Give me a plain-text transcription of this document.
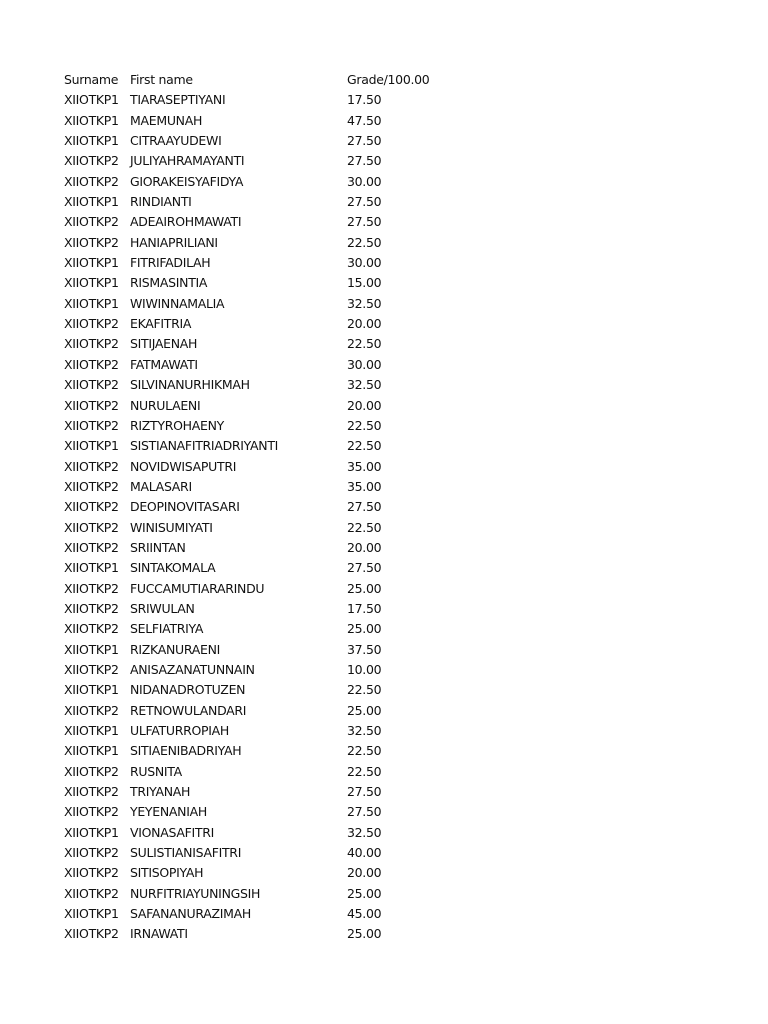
Surname First name	Grade/100.00
XIIOTKP1 TIARASEPTIYANI	17.50
XIIOTKP1 MAEMUNAH	47.50
XIIOTKP1 CITRAAYUDEWI	27.50
XIIOTKP2 JULIYAHRAMAYANTI	27.50
XIIOTKP2 GIORAKEISYAFIDYA	30.00
XIIOTKP1 RINDIANTI	27.50
XIIOTKP2 ADEAIROHMAWATI	27.50
XIIOTKP2 HANIAPRILIANI	22.50
XIIOTKP1 FITRIFADILAH	30.00
XIIOTKP1 RISMASINTIA	15.00
XIIOTKP1 WIWINNAMALIA	32.50
XIIOTKP2 EKAFITRIA	20.00
XIIOTKP2 SITIJAENAH	22.50
XIIOTKP2 FATMAWATI	30.00
XIIOTKP2 SILVINANURHIKMAH	32.50
XIIOTKP2 NURULAENI	20.00
XIIOTKP2 RIZTYROHAENY	22.50
XIIOTKP1 SISTIANAFITRIADRIYANTI	22.50
XIIOTKP2 NOVIDWISAPUTRI	35.00
XIIOTKP2 MALASARI	35.00
XIIOTKP2 DEOPINOVITASARI	27.50
XIIOTKP2 WINISUMIYATI	22.50
XIIOTKP2 SRIINTAN	20.00
XIIOTKP1 SINTAKOMALA	27.50
XIIOTKP2 FUCCAMUTIARARINDU	25.00
XIIOTKP2 SRIWULAN	17.50
XIIOTKP2 SELFIATRIYA	25.00
XIIOTKP1 RIZKANURAENI	37.50
XIIOTKP2 ANISAZANATUNNAIN	10.00
XIIOTKP1 NIDANADROTUZEN	22.50
XIIOTKP2 RETNOWULANDARI	25.00
XIIOTKP1 ULFATURROPIAH	32.50
XIIOTKP1 SITIAENIBADRIYAH	22.50
XIIOTKP2 RUSNITA	22.50
XIIOTKP2 TRIYANAH	27.50
XIIOTKP2 YEYENANIAH	27.50
XIIOTKP1 VIONASAFITRI	32.50
XIIOTKP2 SULISTIANISAFITRI	40.00
XIIOTKP2 SITISOPIYAH	20.00
XIIOTKP2 NURFITRIAYUNINGSIH	25.00
XIIOTKP1 SAFANANURAZIMAH	45.00
XIIOTKP2 IRNAWATI	25.00
